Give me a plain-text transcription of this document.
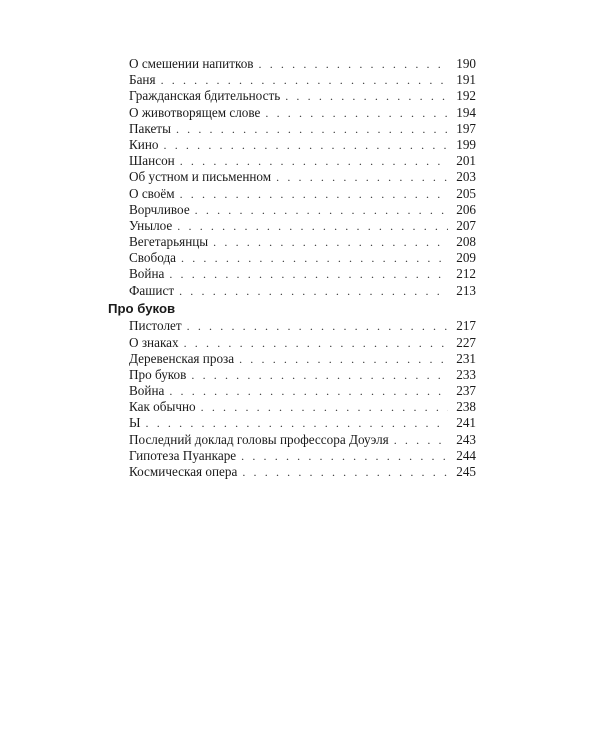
О смешении напитков . . .	190
Баня . . .	191
Гражданская бдительность . . .	192
О животворящем слове . . .	194
Пакеты . . .	197
Кино . . .	199
Шансон . . .	201
Об устном и письменном . . .	203
О своём . . .	205
Ворчливое . . .	206
Унылое . . .	207
Вегетарьянцы . . .	208
Свобода . . .	209
Война . . .	212
Фашист . . .	213
Про буков
Пистолет . . .	217
О знаках . . .	227
Деревенская проза . . .	231
Про буков . . .	233
Война . . .	237
Как обычно . . .	238
Ы . . .	241
Последний доклад головы профессора Доуэля . . .	243
Гипотеза Пуанкаре . . .	244
Космическая опера . . .	245
